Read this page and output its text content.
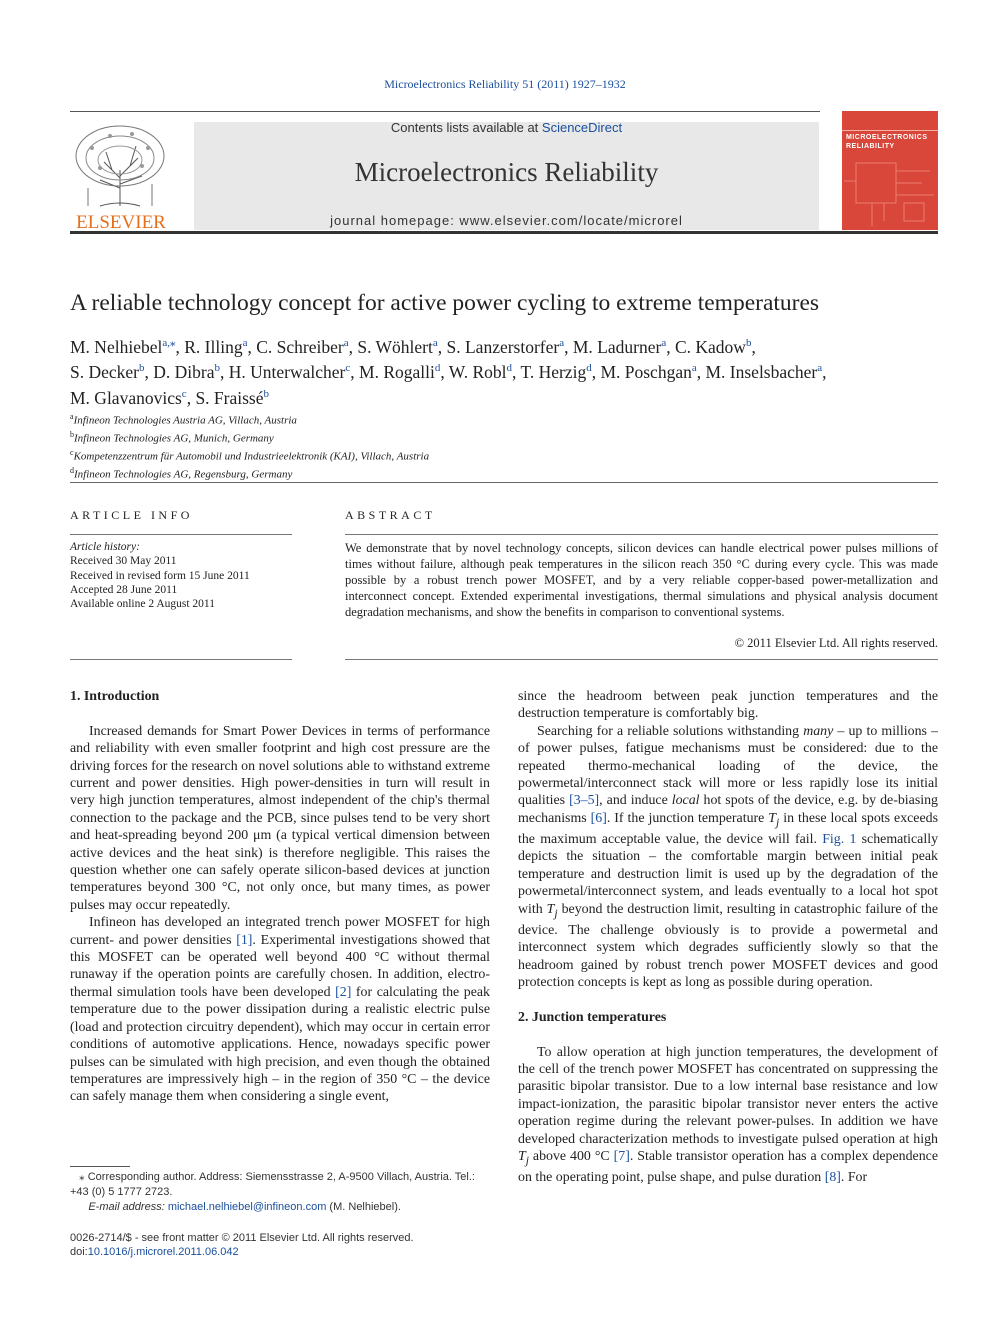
Microelectronics Reliability 51 (2011) 1927–1932
ELSEVIER
Contents lists available at ScienceDirect
Microelectronics Reliability
journal homepage: www.elsevier.com/locate/microrel
MICROELECTRONICS
RELIABILITY
A reliable technology concept for active power cycling to extreme temperatures
M. Nelhiebel$^{a,⁎}$, R. Illing$^a$, C. Schreiber$^a$, S. Wöhlert$^a$, S. Lanzerstorfer$^a$, M. Ladurner$^a$, C. Kadow$^b$,
S. Decker$^b$, D. Dibra$^b$, H. Unterwalcher$^c$, M. Rogalli$^d$, W. Robl$^d$, T. Herzig$^d$, M. Poschgan$^a$, M. Inselsbacher$^a$,
M. Glavanovics$^c$, S. Fraissé$^b$
$^a$Infineon Technologies Austria AG, Villach, Austria
$^b$Infineon Technologies AG, Munich, Germany
$^c$Kompetenzzentrum für Automobil und Industrieelektronik (KAI), Villach, Austria
$^d$Infineon Technologies AG, Regensburg, Germany
ARTICLE INFO	ABSTRACT
Article history:
Received 30 May 2011
Received in revised form 15 June 2011
Accepted 28 June 2011
Available online 2 August 2011
We demonstrate that by novel technology concepts, silicon devices can handle electrical power pulses millions of times without failure, although peak temperatures in the silicon reach 350 °C during every cycle. This was made possible by a robust trench power MOSFET, and by a very reliable copper-based power-metallization and interconnect concept. Extended experimental investigations, thermal simulations and physical analysis document degradation mechanisms, and show the benefits in comparison to conventional systems.
© 2011 Elsevier Ltd. All rights reserved.
1. Introduction

Increased demands for Smart Power Devices in terms of performance and reliability with even smaller footprint and high cost pressure are the driving forces for the research on novel solutions able to withstand extreme current and power densities. High power-densities in turn will result in very high junction temperatures, almost independent of the chip's thermal connection to the package and the PCB, since pulses tend to be very short and heat-spreading beyond 200 μm (a typical vertical dimension between active devices and the heat sink) is therefore negligible. This raises the question whether one can safely operate silicon-based devices at junction temperatures beyond 300 °C, not only once, but many times, as power pulses may occur repeatedly.

Infineon has developed an integrated trench power MOSFET for high current- and power densities [1]. Experimental investigations showed that this MOSFET can be operated well beyond 400 °C without thermal runaway if the operation points are carefully chosen. In addition, electro-thermal simulation tools have been developed [2] for calculating the peak temperature due to the power dissipation during a realistic electric pulse (load and protection circuitry dependent), which may occur in certain error conditions of automotive applications. Hence, nowadays specific power pulses can be simulated with high precision, and even though the obtained temperatures are impressively high – in the region of 350 °C – the device can safely manage them when considering a single event,

since the headroom between peak junction temperatures and the destruction temperature is comfortably big.

Searching for a reliable solutions withstanding many – up to millions – of power pulses, fatigue mechanisms must be considered: due to the repeated thermo-mechanical loading of the device, the powermetal/interconnect stack will more or less rapidly lose its initial qualities [3–5], and induce local hot spots of the device, e.g. by de-biasing mechanisms [6]. If the junction temperature $T_j$ in these local spots exceeds the maximum acceptable value, the device will fail. Fig. 1 schematically depicts the situation – the comfortable margin between initial peak temperature and destruction limit is used up by the degradation of the powermetal/interconnect system, and leads eventually to a local hot spot with $T_j$ beyond the destruction limit, resulting in catastrophic failure of the device. The challenge obviously is to provide a powermetal and interconnect system which degrades sufficiently slowly so that the headroom gained by robust trench power MOSFET devices and good protection concepts is kept as long as possible during operation.

2. Junction temperatures

To allow operation at high junction temperatures, the development of the cell of the trench power MOSFET has concentrated on suppressing the parasitic bipolar transistor. Due to a low internal base resistance and low impact-ionization, the parasitic bipolar transistor never enters the active operation regime during the relevant power-pulses. In addition we have developed characterization methods to investigate pulsed operation at high $T_j$ above 400 °C [7]. Stable transistor operation has a complex dependence on the operating point, pulse shape, and pulse duration [8]. For

⁎ Corresponding author. Address: Siemensstrasse 2, A-9500 Villach, Austria. Tel.: +43 (0) 5 1777 2723.
E-mail address: michael.nelhiebel@infineon.com (M. Nelhiebel).
0026-2714/$ - see front matter © 2011 Elsevier Ltd. All rights reserved.
doi:10.1016/j.microrel.2011.06.042
